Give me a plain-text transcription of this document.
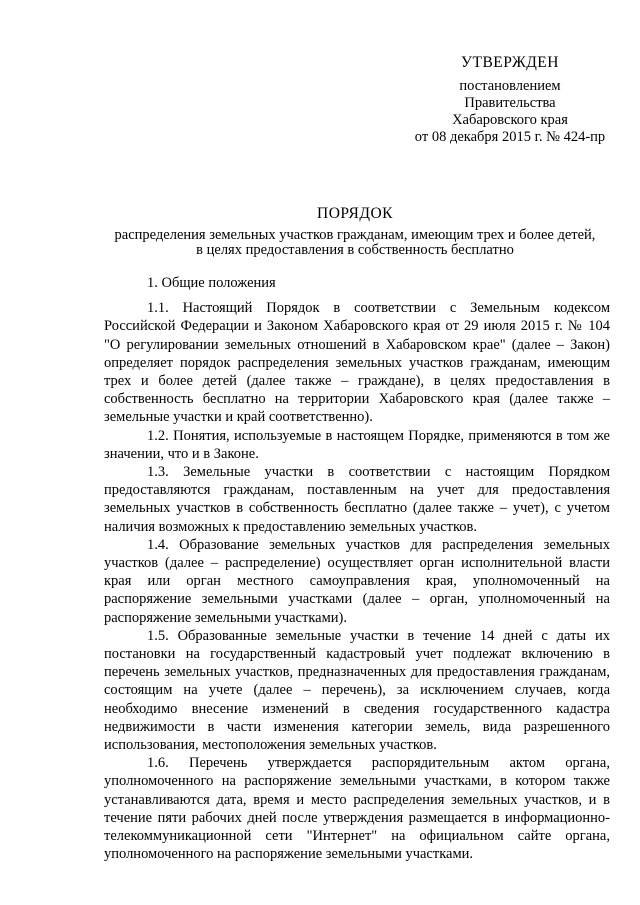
УТВЕРЖДЕН
постановлением
Правительства
Хабаровского края
от 08 декабря 2015 г. № 424-пр
ПОРЯДОК
распределения земельных участков гражданам, имеющим трех и более детей,
в целях предоставления в собственность бесплатно
1. Общие положения

1.1. Настоящий Порядок в соответствии с Земельным кодексом Российской Федерации и Законом Хабаровского края от 29 июля 2015 г. № 104 "О регулировании земельных отношений в Хабаровском крае" (далее – Закон) определяет порядок распределения земельных участков гражданам, имеющим трех и более детей (далее также – граждане), в целях предоставления в собственность бесплатно на территории Хабаровского края (далее также – земельные участки и край соответственно).

1.2. Понятия, используемые в настоящем Порядке, применяются в том же значении, что и в Законе.

1.3. Земельные участки в соответствии с настоящим Порядком предоставляются гражданам, поставленным на учет для предоставления земельных участков в собственность бесплатно (далее также – учет), с учетом наличия возможных к предоставлению земельных участков.

1.4. Образование земельных участков для распределения земельных участков (далее – распределение) осуществляет орган исполнительной власти края или орган местного самоуправления края, уполномоченный на распоряжение земельными участками (далее – орган, уполномоченный на распоряжение земельными участками).

1.5. Образованные земельные участки в течение 14 дней с даты их постановки на государственный кадастровый учет подлежат включению в перечень земельных участков, предназначенных для предоставления гражданам, состоящим на учете (далее – перечень), за исключением случаев, когда необходимо внесение изменений в сведения государственного кадастра недвижимости в части изменения категории земель, вида разрешенного использования, местоположения земельных участков.

1.6. Перечень утверждается распорядительным актом органа, уполномоченного на распоряжение земельными участками, в котором также устанавливаются дата, время и место распределения земельных участков, и в течение пяти рабочих дней после утверждения размещается в информационно-телекоммуникационной сети "Интернет" на официальном сайте органа, уполномоченного на распоряжение земельными участками.
